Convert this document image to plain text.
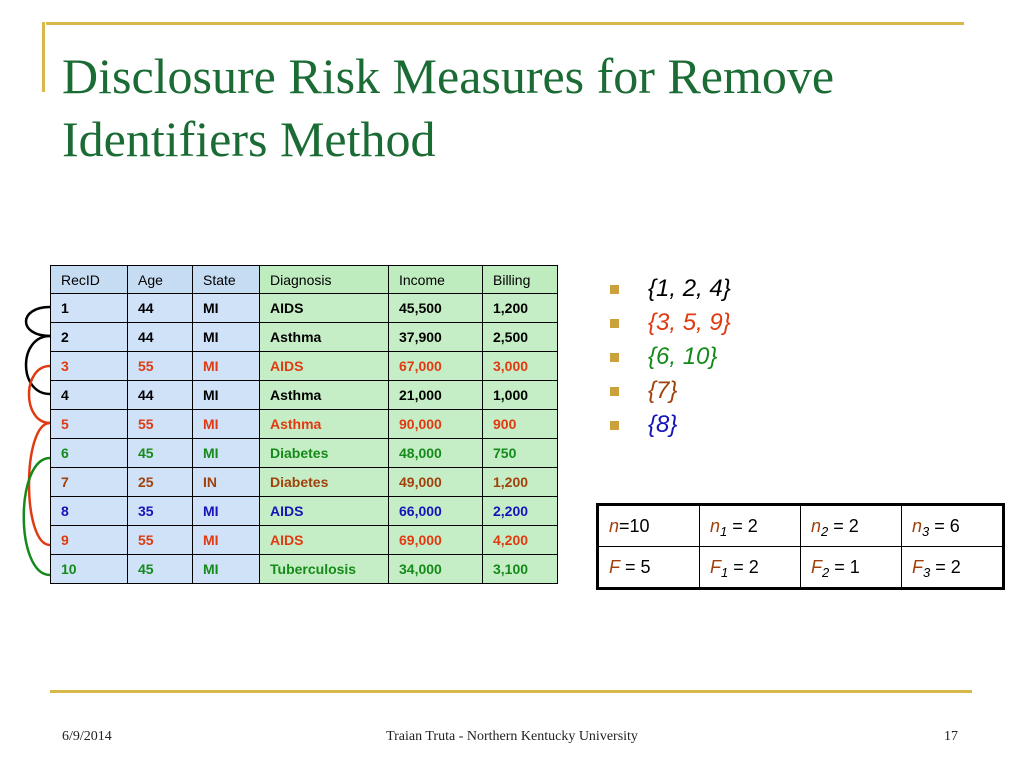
Disclosure Risk Measures for Remove
Identifiers Method
RecID	Age	State	Diagnosis	Income	Billing
1	44	MI	AIDS	45,500	1,200
2	44	MI	Asthma	37,900	2,500
3	55	MI	AIDS	67,000	3,000
4	44	MI	Asthma	21,000	1,000
5	55	MI	Asthma	90,000	900
6	45	MI	Diabetes	48,000	750
7	25	IN	Diabetes	49,000	1,200
8	35	MI	AIDS	66,000	2,200
9	55	MI	AIDS	69,000	4,200
10	45	MI	Tuberculosis	34,000	3,100
{1, 2, 4}
{3, 5, 9}
{6, 10}
{7}
{8}
n=10	$n_1 = 2$	$n_2 = 2$	$n_3 = 6$
F = 5	$F_1 = 2$	$F_2 = 1$	$F_3 = 2$
6/9/2014	Traian Truta - Northern Kentucky University	17
